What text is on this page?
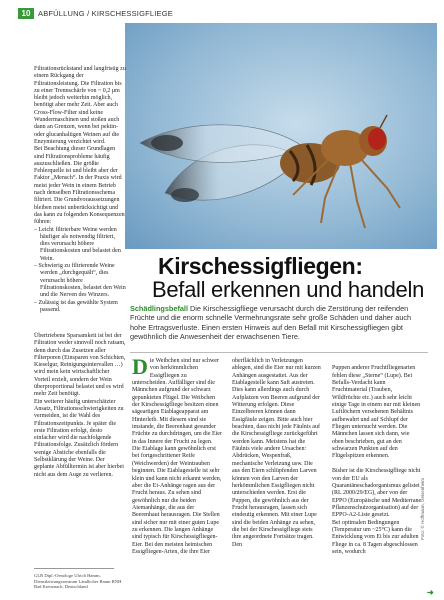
10	ABFÜLLUNG / KIRSCHESSIGFLIEGE

Filtrationsrückstand und langfristig zu einem Rückgang der Filtrationsleistung. Die Filtration bis zu einer Trennschärfe von ~ 0,2 µm bleibt jedoch weiterhin möglich, benötigt aber mehr Zeit. Aber auch Cross-Flow-Filter sind keine Wundermaschinen und stoßen auch dann an Grenzen, wenn bei pektin- oder glucanhaltigen Weinen auf die Enzymierung verzichtet wird.

Bei Beachtung dieser Grundlagen sind Filtrationsprobleme häufig auszuschließen. Die größte Fehlerquelle ist und bleibt aber der Faktor „Mensch“. In der Praxis wird meist jeder Wein in einem Betrieb nach denselben Filtrationsschema filtriert. Die Grundvoraussetzungen bleiben meist unberücksichtigt und das kann zu folgenden Konsequenzen führen:

– Leicht filtrierbare Weine werden häufiger als notwendig filtriert, dies verursacht höhere Filtrationskosten und belastet den Wein.

– Schwierig zu filtrierende Weine werden „durchgequält“, dies verursacht höhere Filtrationskosten, belastet den Wein und die Nerven des Winzers.

– Zulässig ist das gewählte System passend.

Übertriebene Sparsamkeit ist bei der Filtration weder sinnvoll noch ratsam, denn durch das Zusetzen aller Filterporen (Einsparen von Schichten, Kieselgur, Reinigungsintervallen …) wird mein kein wirtschaftlicher Vorteil erzielt, sondern der Wein überproportional belastet und es wird mehr Zeit benötigt.

Ein weiterer häufig unterschätzter Ansatz, Filtrationsschwierigkeiten zu vermeiden, ist die Wahl des Filtrationszeitpunkts. Je später die erste Filtration erfolgt, desto einfacher wird die nachfolgende Filtrationsfolge. Zusätzlich fördern wenige Abstiche ebenfalls die Selbstklärung der Weine. Der geplante Abfülltermin ist aber hierbei nicht aus dem Auge zu verlieren.

GLR Dipl.-Oenologe Ulrich Hamm, Dienstleistungszentrum Ländlicher Raum RNH Bad Kreuznach, Deutschland
Kirschessigfliegen:
Befall erkennen und handeln
Schädlingsbefall Die Kirschessigfliege verursacht durch die Zerstörung der reifenden Früchte und die enorm schnelle Vermehrungsrate sehr große Schäden und daher auch hohe Ertragsverluste. Einen ersten Hinweis auf den Befall mit Kirschessigfliegen gibt gewöhnlich die Anwesenheit der erwachsenen Tiere.

Die Weibchen sind nur schwer von herkömmlichen Essigfliegen zu unterscheiden. Auffälliger sind die Männchen aufgrund der schwarz gepunkteten Flügel. Die Weibchen der Kirschessigfliege besitzen einen sägeartigen Eiablageapparat am Hinterleib. Mit diesem sind sie imstande, die Beerenhaut gesunder Früchte zu durchdringen, um die Eier in das Innere der Frucht zu legen. Die Eiablage kann gewöhnlich erst bei fortgeschrittener Reife (Weichwerden) der Weintrauben beginnen. Die Eiablagestelle ist sehr klein und kann nicht erkannt werden, aber die Ei-Anhänge ragen aus der Frucht heraus. Zu sehen sind gewöhnlich nur die beiden Atemanhänge, die aus der Beerenhaut herausragen. Die Stellen sind sicher nur mit einer guten Lupe zu erkennen. Die langen Anhänge sind typisch für Kirschessigfliegen-Eier. Bei den meisten heimischen Essigfliegen-Arten, die ihre Eier

oberflächlich in Verletzungen ablegen, sind die Eier nur mit kurzen Anhängen ausgestattet. Aus der Eiablagestelle kann Saft austreten. Dies kann allerdings auch durch Aufplatzen von Beeren aufgrund der Witterung erfolgen. Diese Einzelbeeren können dann Essigfäule zeigen. Bitte auch hier beachten, dass nicht jede Fäulnis auf die Kirschessigfliege zurückgeführt werden kann. Meistens hat die Fäulnis viele andere Ursachen: Abdrücken, Wespenfraß, mechanische Verletzung usw. Die aus den Eiern schlüpfenden Larven können von den Larven der herkömmlichen Essigfliegen nicht unterschieden werden. Erst die Puppen, die gewöhnlich aus der Frucht herausragen, lassen sich eindeutig erkennen. Mit einer Lupe sind die beiden Anhänge zu sehen, die bei der Kirschessigfliege stets ihre angeordnete Fortsätze tragen. Den

Puppen anderer Fruchtfliegenarten fehlen diese „Sterne“ (Lupe). Bei Befalls-Verdacht kann Fruchtmaterial (Trauben, Wildfrüchte etc.) auch sehr leicht einige Tage in einem nur mit kleinen Luftlöchern versehenen Behältnis aufbewahrt und auf Schlupf der Fliegen untersucht werden. Die Männchen lassen sich dann, wie oben beschrieben, gut an den schwarzen Punkten auf den Flügelspitzen erkennen.

Bisher ist die Kirschessigfliege nicht von der EU als Quarantäneschadorganismus gelistet (RL 2000/29/EG), aber von der EPPO (Europäische und Mediterrane Pflanzenschutzorganisation) auf der EPPO-A2-Liste gesetzt.
Bei optimalen Bedingungen (Temperatur um ~25°C) kann die Entwicklung vom Ei bis zur adulten Fliege in ca. 8 Tagen abgeschlossen sein, wodurch

Foto: © Hoffmann, Geisenheim
➜
